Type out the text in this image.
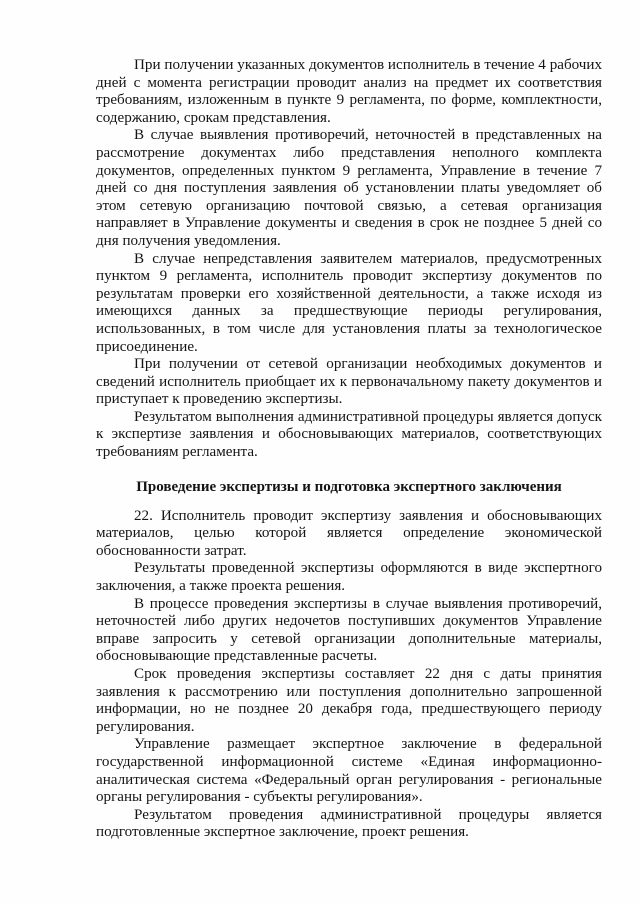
При получении указанных документов исполнитель в течение 4 рабочих дней с момента регистрации проводит анализ на предмет их соответствия требованиям, изложенным в пункте 9 регламента, по форме, комплектности, содержанию, срокам представления.

В случае выявления противоречий, неточностей в представленных на рассмотрение документах либо представления неполного комплекта документов, определенных пунктом 9 регламента, Управление в течение 7 дней со дня поступления заявления об установлении платы уведомляет об этом сетевую организацию почтовой связью, а сетевая организация направляет в Управление документы и сведения в срок не позднее 5 дней со дня получения уведомления.

В случае непредставления заявителем материалов, предусмотренных пунктом 9 регламента, исполнитель проводит экспертизу документов по результатам проверки его хозяйственной деятельности, а также исходя из имеющихся данных за предшествующие периоды регулирования, использованных, в том числе для установления платы за технологическое присоединение.

При получении от сетевой организации необходимых документов и сведений исполнитель приобщает их к первоначальному пакету документов и приступает к проведению экспертизы.

Результатом выполнения административной процедуры является допуск к экспертизе заявления и обосновывающих материалов, соответствующих требованиям регламента.

Проведение экспертизы и подготовка экспертного заключения

22. Исполнитель проводит экспертизу заявления и обосновывающих материалов, целью которой является определение экономической обоснованности затрат.

Результаты проведенной экспертизы оформляются в виде экспертного заключения, а также проекта решения.

В процессе проведения экспертизы в случае выявления противоречий, неточностей либо других недочетов поступивших документов Управление вправе запросить у сетевой организации дополнительные материалы, обосновывающие представленные расчеты.

Срок проведения экспертизы составляет 22 дня с даты принятия заявления к рассмотрению или поступления дополнительно запрошенной информации, но не позднее 20 декабря года, предшествующего периоду регулирования.

Управление размещает экспертное заключение в федеральной государственной информационной системе «Единая информационно-аналитическая система «Федеральный орган регулирования - региональные органы регулирования - субъекты регулирования».

Результатом проведения административной процедуры является подготовленные экспертное заключение, проект решения.
